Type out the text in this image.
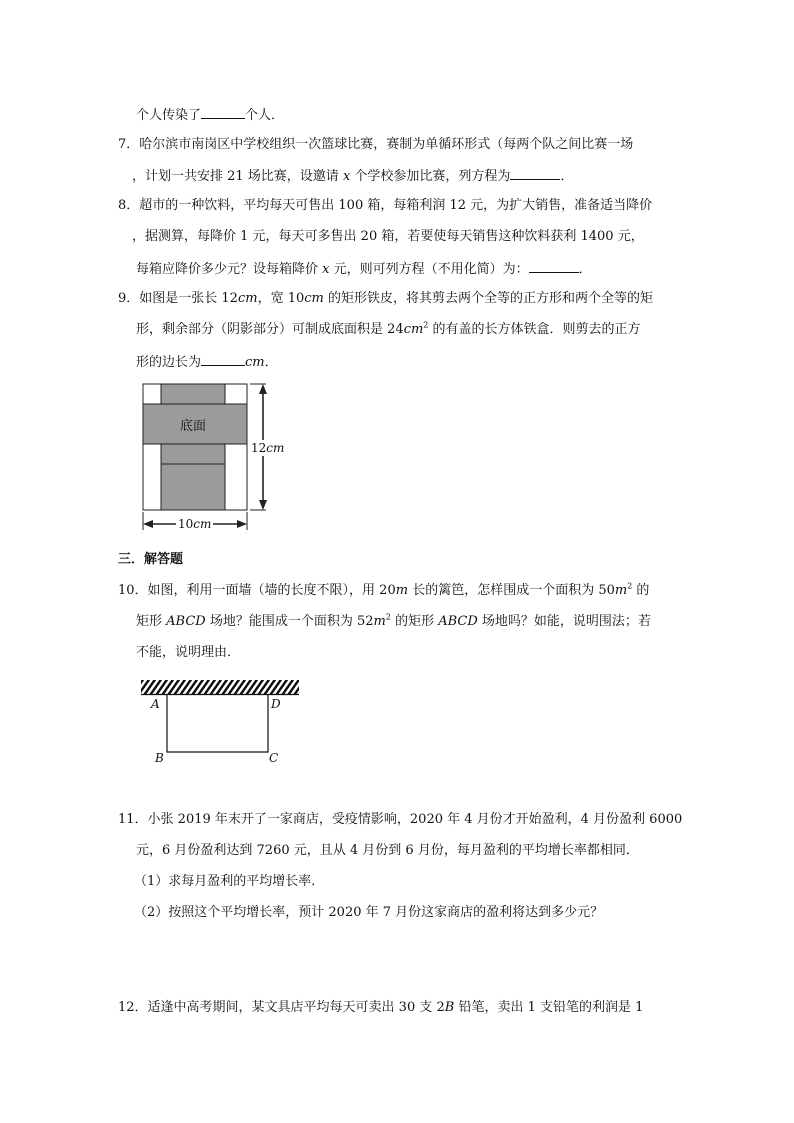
个人传染了	个人．
7．哈尔滨市南岗区中学校组织一次篮球比赛，赛制为单循环形式（每两个队之间比赛一场
，计划一共安排 21 场比赛，设邀请 x 个学校参加比赛，列方程为	．
8．超市的一种饮料，平均每天可售出 100 箱，每箱利润 12 元，为扩大销售，准备适当降价
，据测算，每降价 1 元，每天可多售出 20 箱，若要使每天销售这种饮料获利 1400 元，
每箱应降价多少元？设每箱降价 x 元，则可列方程（不用化简）为：	．
9．如图是一张长 12cm，宽 10cm 的矩形铁皮，将其剪去两个全等的正方形和两个全等的矩
形，剩余部分（阴影部分）可制成底面积是 $24cm^2$ 的有盖的长方体铁盒．则剪去的正方
形的边长为	cm．
底面
12cm
10cm
三．解答题
10．如图，利用一面墙（墙的长度不限），用 20m 长的篱笆，怎样围成一个面积为 $50m^2$ 的
矩形 ABCD 场地？能围成一个面积为 $52m^2$ 的矩形 ABCD 场地吗？如能，说明围法；若
不能，说明理由．
A	D
B	C
11．小张 2019 年末开了一家商店，受疫情影响，2020 年 4 月份才开始盈利，4 月份盈利 6000
元，6 月份盈利达到 7260 元，且从 4 月份到 6 月份，每月盈利的平均增长率都相同．
（1）求每月盈利的平均增长率．
（2）按照这个平均增长率，预计 2020 年 7 月份这家商店的盈利将达到多少元？
12．适逢中高考期间，某文具店平均每天可卖出 30 支 2B 铅笔，卖出 1 支铅笔的利润是 1
